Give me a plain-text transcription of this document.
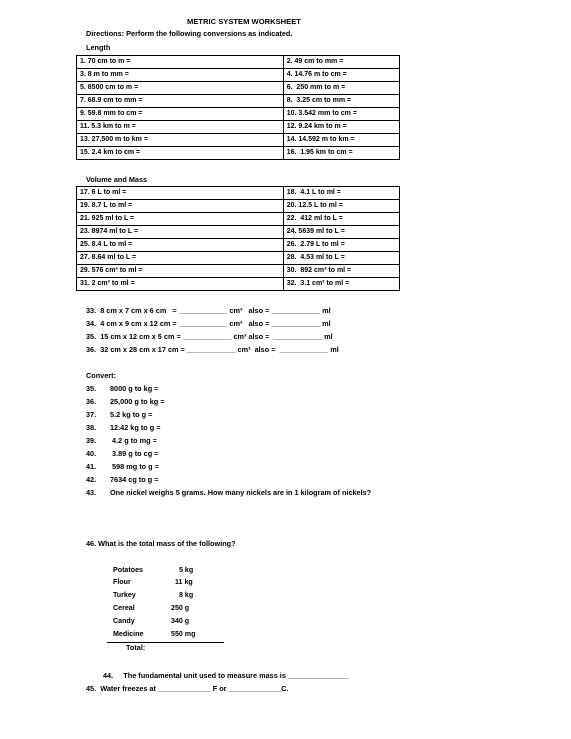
METRIC SYSTEM WORKSHEET
Directions: Perform the following conversions as indicated.
Length
1. 70 cm to m =	2. 49 cm to mm =
3. 8 m to mm =	4. 14.76 m to cm =
5. 8500 cm to m =	6.  250 mm to m =
7. 68.9 cm to mm =	8.  3.25 cm to mm =
9. 59.8 mm to cm =	10. 3.542 mm to cm =
11. 5.3 km to m =	12. 9.24 km to m =
13. 27.500 m to km =	14. 14.592 m to km =
15. 2.4 km to cm =	16.  1.95 km to cm =
Volume and Mass
17. 6 L to ml =	18.  4.1 L to ml =
19. 8.7 L to ml =	20. 12.5 L to ml =
21. 925 ml to L =	22.  412 ml to L =
23. 8974 ml to L =	24. 5639 ml to L =
25. 8.4 L to ml =	26.  2.79 L to ml =
27. 8.64 ml to L =	28.  4.53 ml to L =
29. 576 cm³ to ml =	30.  892 cm³ to ml =
31. 2 cm³ to ml =	32.  3.1 cm³ to ml =
33.  8 cm x 7 cm x 6 cm   = ____________ cm³   also = ____________ ml
34.  4 cm x 9 cm x 12 cm = ____________ cm³   also = ____________ ml
35.  15 cm x 12 cm x 5 cm = ____________ cm³ also =  ____________ ml
36.  32 cm x 28 cm x 17 cm = ____________ cm³  also =  ____________ ml
Convert:
35. 8000 g to kg =
36. 25,000 g to kg =
37. 5.2 kg to g =
38. 12.42 kg to g =
39. 4.2 g to mg =
40. 3.89 g to cg =
41. 598 mg to g =
42. 7634 cg to g =
43. One nickel weighs 5 grams. How many nickels are in 1 kilogram of nickels?
46. What is the total mass of the following?
Potatoes	5 kg
Flour	11 kg
Turkey	8 kg
Cereal	250 g
Candy	340 g
Medicine	550 mg
Total:
44.     The fundamental unit used to measure mass is _______________
45.  Water freezes at _____________ F or _____________C.
